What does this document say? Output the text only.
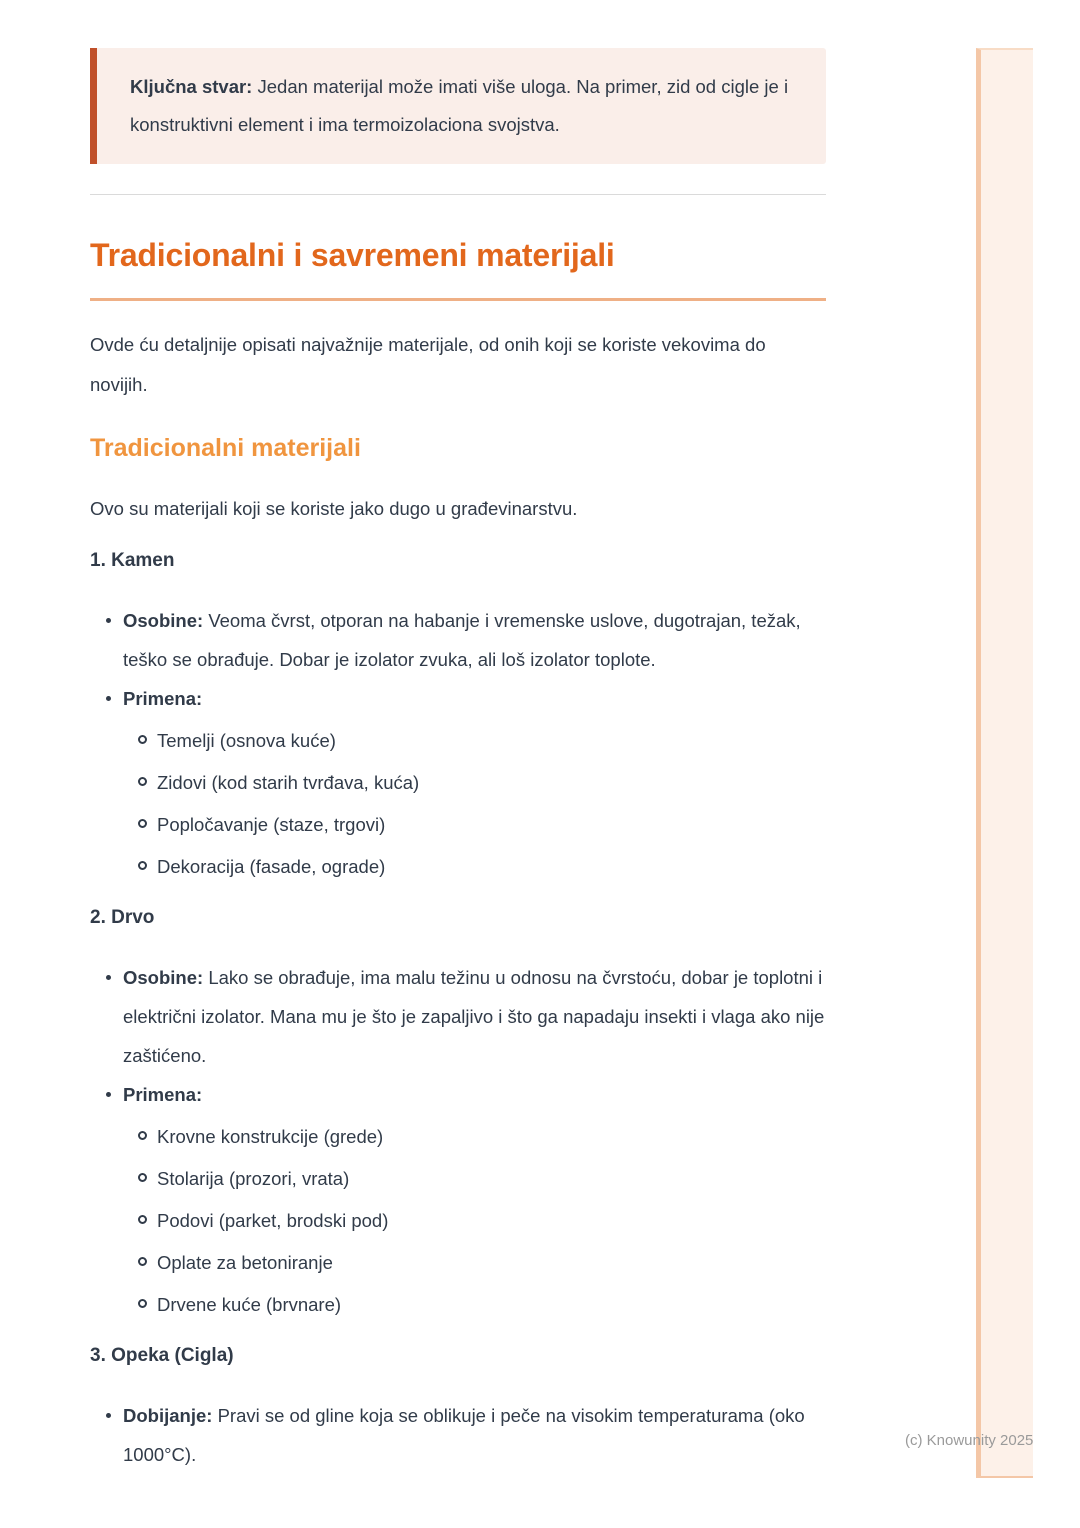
Ključna stvar: Jedan materijal može imati više uloga. Na primer, zid od cigle je i konstruktivni element i ima termoizolaciona svojstva.

Tradicionalni i savremeni materijali

Ovde ću detaljnije opisati najvažnije materijale, od onih koji se koriste vekovima do novijih.

Tradicionalni materijali

Ovo su materijali koji se koriste jako dugo u građevinarstvu.

1. Kamen
Osobine: Veoma čvrst, otporan na habanje i vremenske uslove, dugotrajan, težak, teško se obrađuje. Dobar je izolator zvuka, ali loš izolator toplote.
Primena:
Temelji (osnova kuće)
Zidovi (kod starih tvrđava, kuća)
Popločavanje (staze, trgovi)
Dekoracija (fasade, ograde)
2. Drvo
Osobine: Lako se obrađuje, ima malu težinu u odnosu na čvrstoću, dobar je toplotni i električni izolator. Mana mu je što je zapaljivo i što ga napadaju insekti i vlaga ako nije zaštićeno.
Primena:
Krovne konstrukcije (grede)
Stolarija (prozori, vrata)
Podovi (parket, brodski pod)
Oplate za betoniranje
Drvene kuće (brvnare)
3. Opeka (Cigla)
Dobijanje: Pravi se od gline koja se oblikuje i peče na visokim temperaturama (oko 1000°C).
(c) Knowunity 2025
